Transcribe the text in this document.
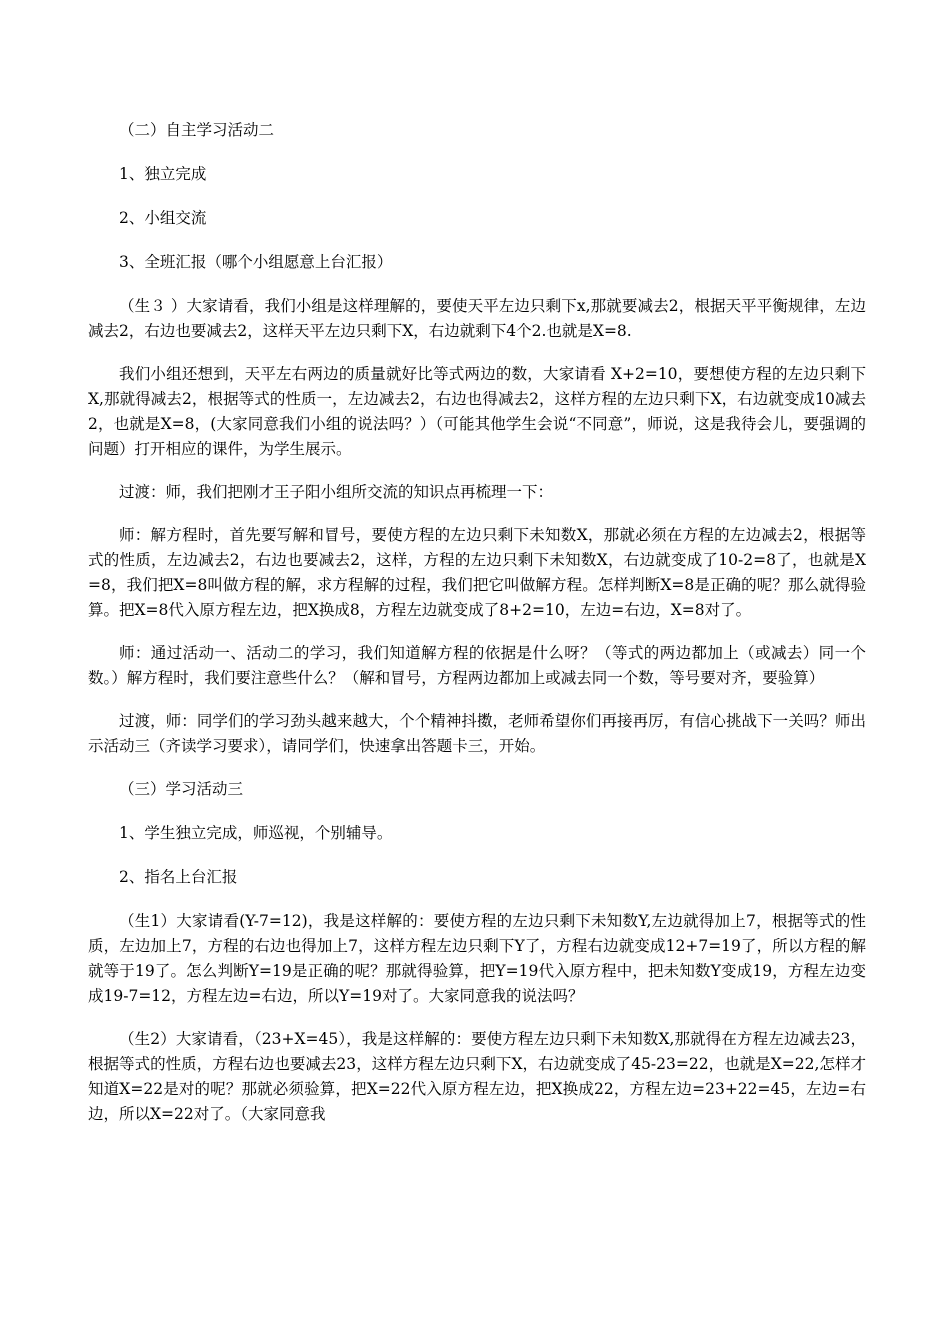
（二）自主学习活动二

1、独立完成

2、小组交流

3、全班汇报（哪个小组愿意上台汇报）

（生３ ）大家请看，我们小组是这样理解的，要使天平左边只剩下x,那就要减去2，根据天平平衡规律，左边减去2，右边也要减去2，这样天平左边只剩下X，右边就剩下4个2.也就是X=8.

我们小组还想到，天平左右两边的质量就好比等式两边的数，大家请看 X+2=10，要想使方程的左边只剩下X,那就得减去2，根据等式的性质一，左边减去2，右边也得减去2，这样方程的左边只剩下X，右边就变成10减去2，也就是X=8，(大家同意我们小组的说法吗？）（可能其他学生会说“不同意”，师说，这是我待会儿，要强调的问题）打开相应的课件，为学生展示。

过渡：师，我们把刚才王子阳小组所交流的知识点再梳理一下：

师：解方程时，首先要写解和冒号，要使方程的左边只剩下未知数X，那就必须在方程的左边减去2，根据等式的性质，左边减去2，右边也要减去2，这样，方程的左边只剩下未知数X，右边就变成了10-2=8了，也就是X=8，我们把X=8叫做方程的解，求方程解的过程，我们把它叫做解方程。怎样判断X=8是正确的呢？那么就得验算。把X=8代入原方程左边，把X换成8，方程左边就变成了8+2=10，左边=右边，X=8对了。

师：通过活动一、活动二的学习，我们知道解方程的依据是什么呀？（等式的两边都加上（或减去）同一个数。）解方程时，我们要注意些什么？（解和冒号，方程两边都加上或减去同一个数，等号要对齐，要验算）

过渡，师：同学们的学习劲头越来越大，个个精神抖擞，老师希望你们再接再厉，有信心挑战下一关吗？师出示活动三（齐读学习要求），请同学们，快速拿出答题卡三，开始。

（三）学习活动三

1、学生独立完成，师巡视，个别辅导。

2、指名上台汇报

（生1）大家请看(Y-7=12)，我是这样解的：要使方程的左边只剩下未知数Y,左边就得加上7，根据等式的性质，左边加上7，方程的右边也得加上7，这样方程左边只剩下Y了，方程右边就变成12+7=19了，所以方程的解就等于19了。怎么判断Y=19是正确的呢？那就得验算，把Y=19代入原方程中，把未知数Y变成19，方程左边变成19-7=12，方程左边=右边，所以Y=19对了。大家同意我的说法吗？

（生2）大家请看，（23+X=45），我是这样解的：要使方程左边只剩下未知数X,那就得在方程左边减去23，根据等式的性质，方程右边也要减去23，这样方程左边只剩下X，右边就变成了45-23=22，也就是X=22,怎样才知道X=22是对的呢？那就必须验算，把X=22代入原方程左边，把X换成22，方程左边=23+22=45，左边=右边，所以X=22对了。（大家同意我
